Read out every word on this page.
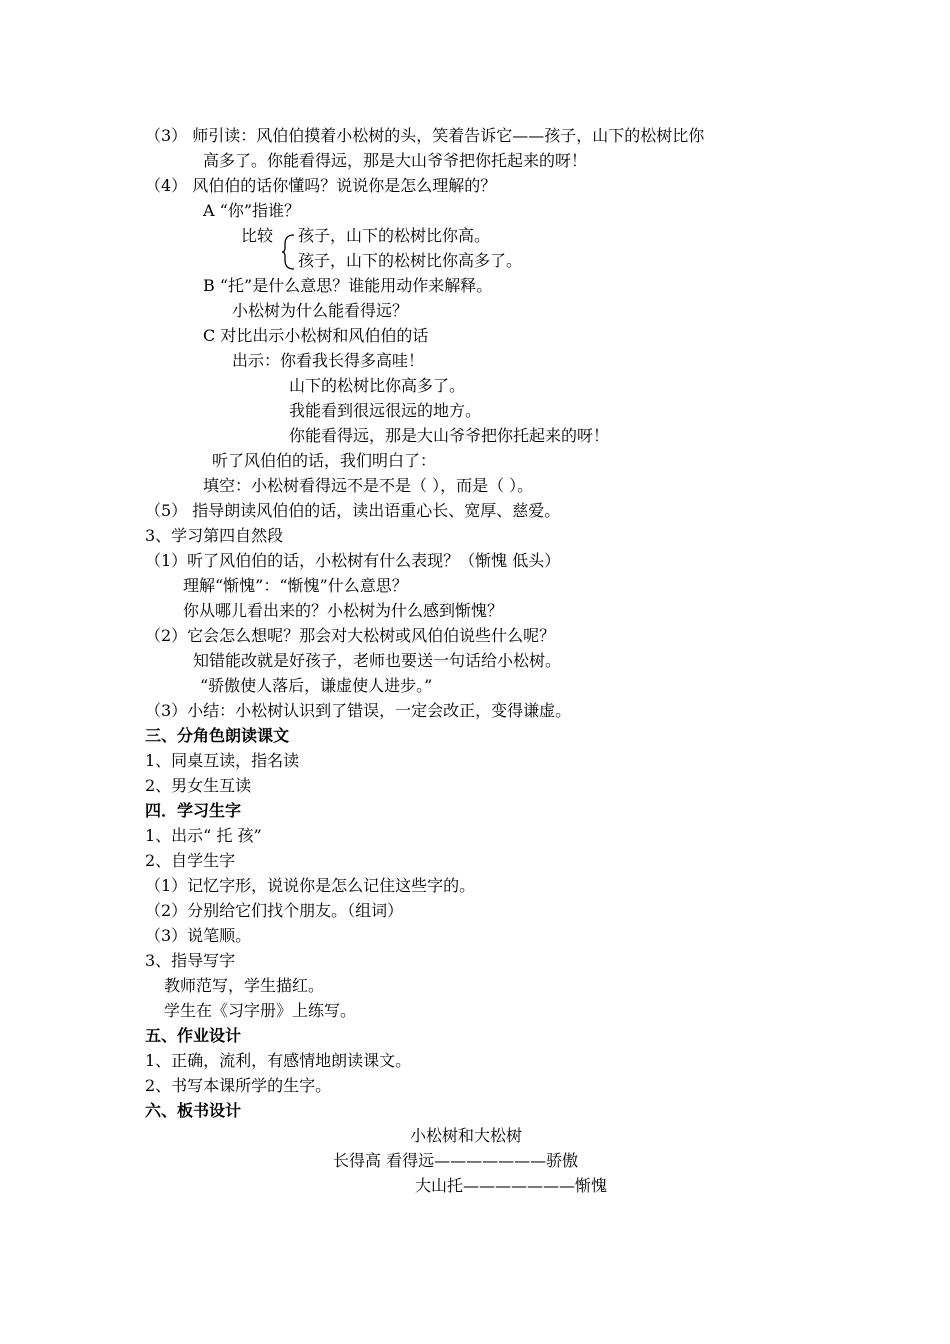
（3） 师引读：风伯伯摸着小松树的头，笑着告诉它——孩子，山下的松树比你
高多了。你能看得远，那是大山爷爷把你托起来的呀！
（4） 风伯伯的话你懂吗？说说你是怎么理解的？
A “你”指谁？
比较 孩子，山下的松树比你高。
孩子，山下的松树比你高多了。
B “托”是什么意思？谁能用动作来解释。
小松树为什么能看得远？
C 对比出示小松树和风伯伯的话
出示：你看我长得多高哇！
山下的松树比你高多了。
我能看到很远很远的地方。
你能看得远，那是大山爷爷把你托起来的呀！
听了风伯伯的话，我们明白了：
填空：小松树看得远不是不是（ ），而是（ ）。
（5） 指导朗读风伯伯的话，读出语重心长、宽厚、慈爱。
3、学习第四自然段
（1）听了风伯伯的话，小松树有什么表现？（惭愧 低头）
理解“惭愧”：“惭愧”什么意思？
你从哪儿看出来的？小松树为什么感到惭愧？
（2）它会怎么想呢？那会对大松树或风伯伯说些什么呢？
知错能改就是好孩子，老师也要送一句话给小松树。
“骄傲使人落后，谦虚使人进步。”
（3）小结：小松树认识到了错误，一定会改正，变得谦虚。
三、分角色朗读课文
1、同桌互读，指名读
2、男女生互读
四．学习生字
1、出示“ 托 孩”
2、自学生字
（1）记忆字形，说说你是怎么记住这些字的。
（2）分别给它们找个朋友。（组词）
（3）说笔顺。
3、指导写字
教师范写，学生描红。
学生在《习字册》上练写。
五、作业设计
1、正确，流利，有感情地朗读课文。
2、书写本课所学的生字。
六、板书设计
小松树和大松树
长得高 看得远———————骄傲
大山托———————惭愧
